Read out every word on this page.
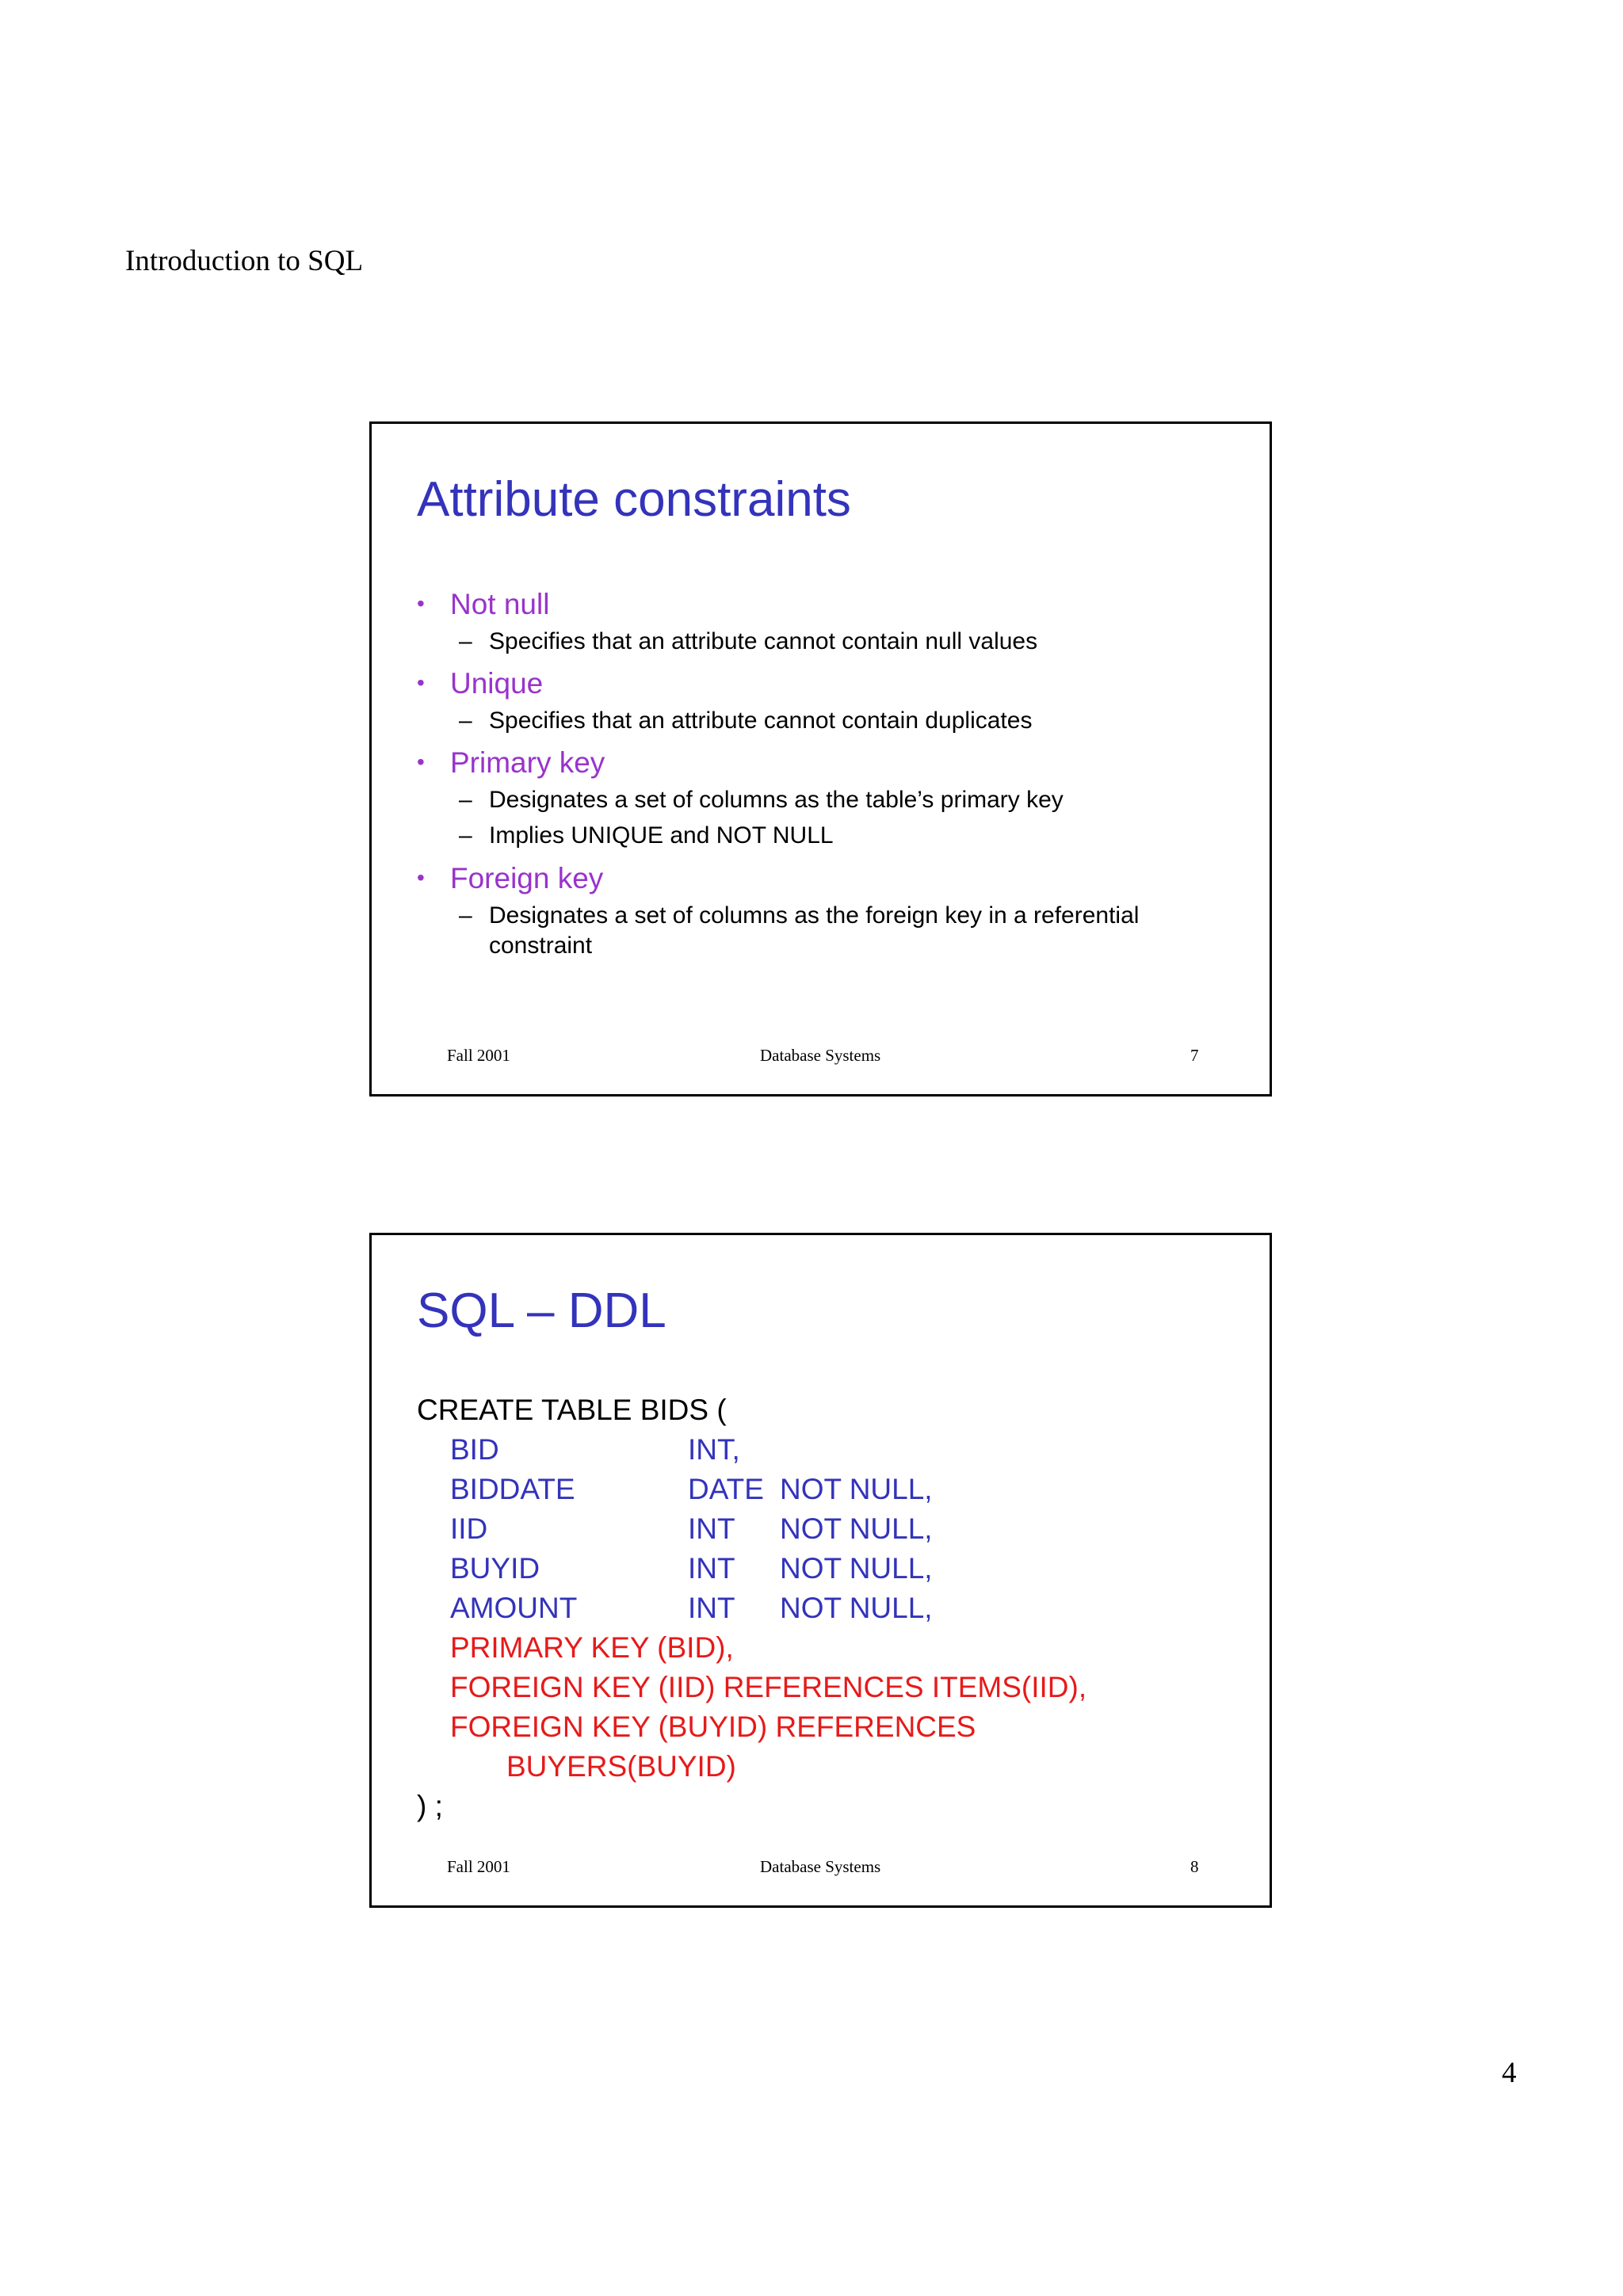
Introduction to SQL
Attribute constraints
• Not null
– Specifies that an attribute cannot contain null values
• Unique
– Specifies that an attribute cannot contain duplicates
• Primary key
– Designates a set of columns as the table’s primary key
– Implies UNIQUE and NOT NULL
• Foreign key
– Designates a set of columns as the foreign key in a referential
constraint
Fall 2001	Database Systems	7
SQL – DDL
CREATE TABLE BIDS (
BID	INT,
BIDDATE	DATE NOT NULL,
IID	INT NOT NULL,
BUYID	INT NOT NULL,
AMOUNT	INT NOT NULL,
PRIMARY KEY (BID),
FOREIGN KEY (IID) REFERENCES ITEMS(IID),
FOREIGN KEY (BUYID) REFERENCES
BUYERS(BUYID)
) ;
Fall 2001	Database Systems	8
4
